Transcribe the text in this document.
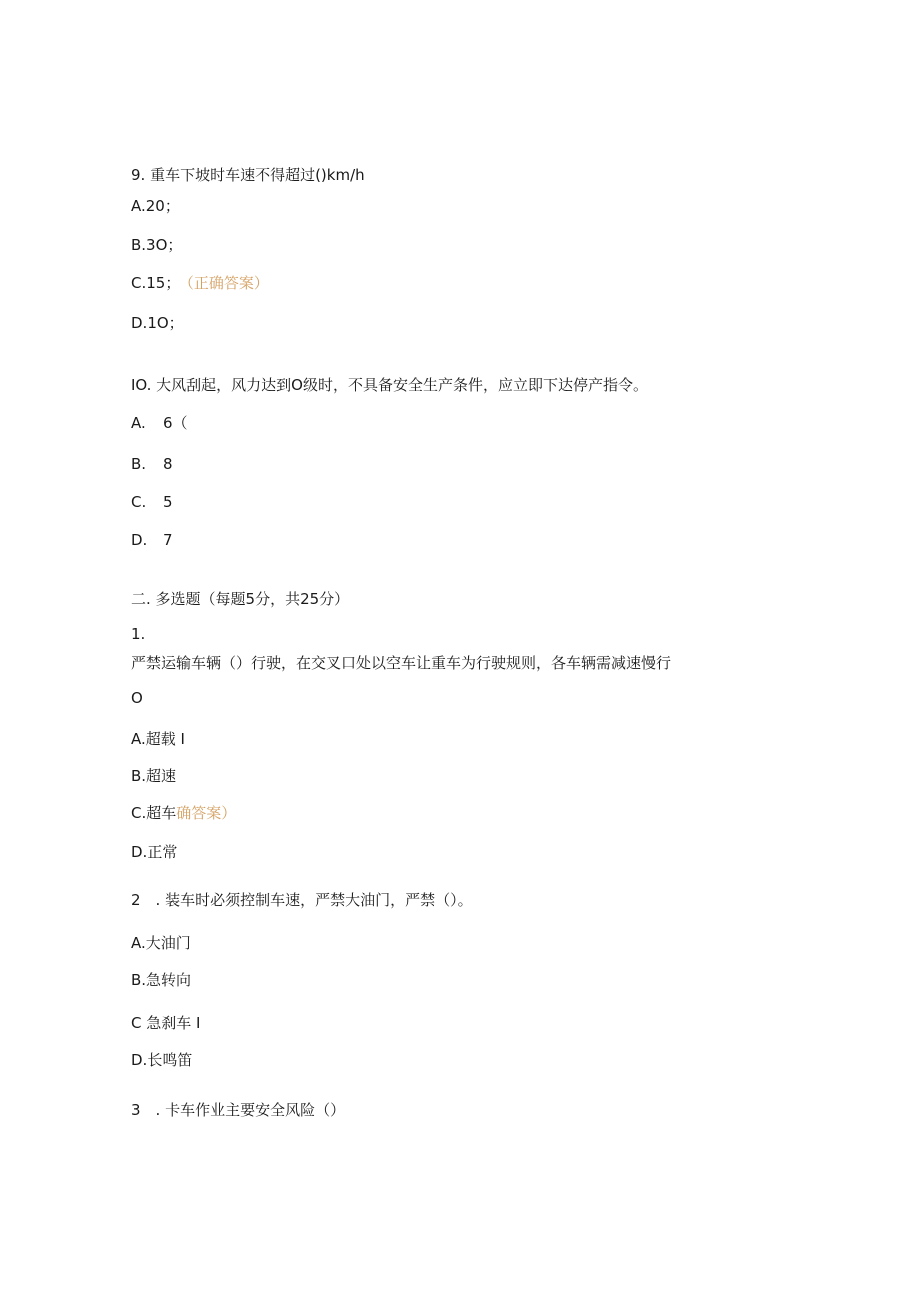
9. 重车下坡时车速不得超过()km/h
A.20；
B.3O；
C.15； （正确答案）
D.1O；
IO. 大风刮起，风力达到O级时，不具备安全生产条件，应立即下达停产指令。
A. 6（
B. 8
C. 5
D. 7
二. 多选题（每题5分，共25分）
1.
严禁运输车辆（）行驶，在交叉口处以空车让重车为行驶规则，各车辆需减速慢行
O
A.超载 I
B.超速
C.超车确答案）
D.正常
2　. 装车时必须控制车速，严禁大油门，严禁（）。
A.大油门
B.急转向
C 急刹车 I
D.长鸣笛
3　. 卡车作业主要安全风险（）
